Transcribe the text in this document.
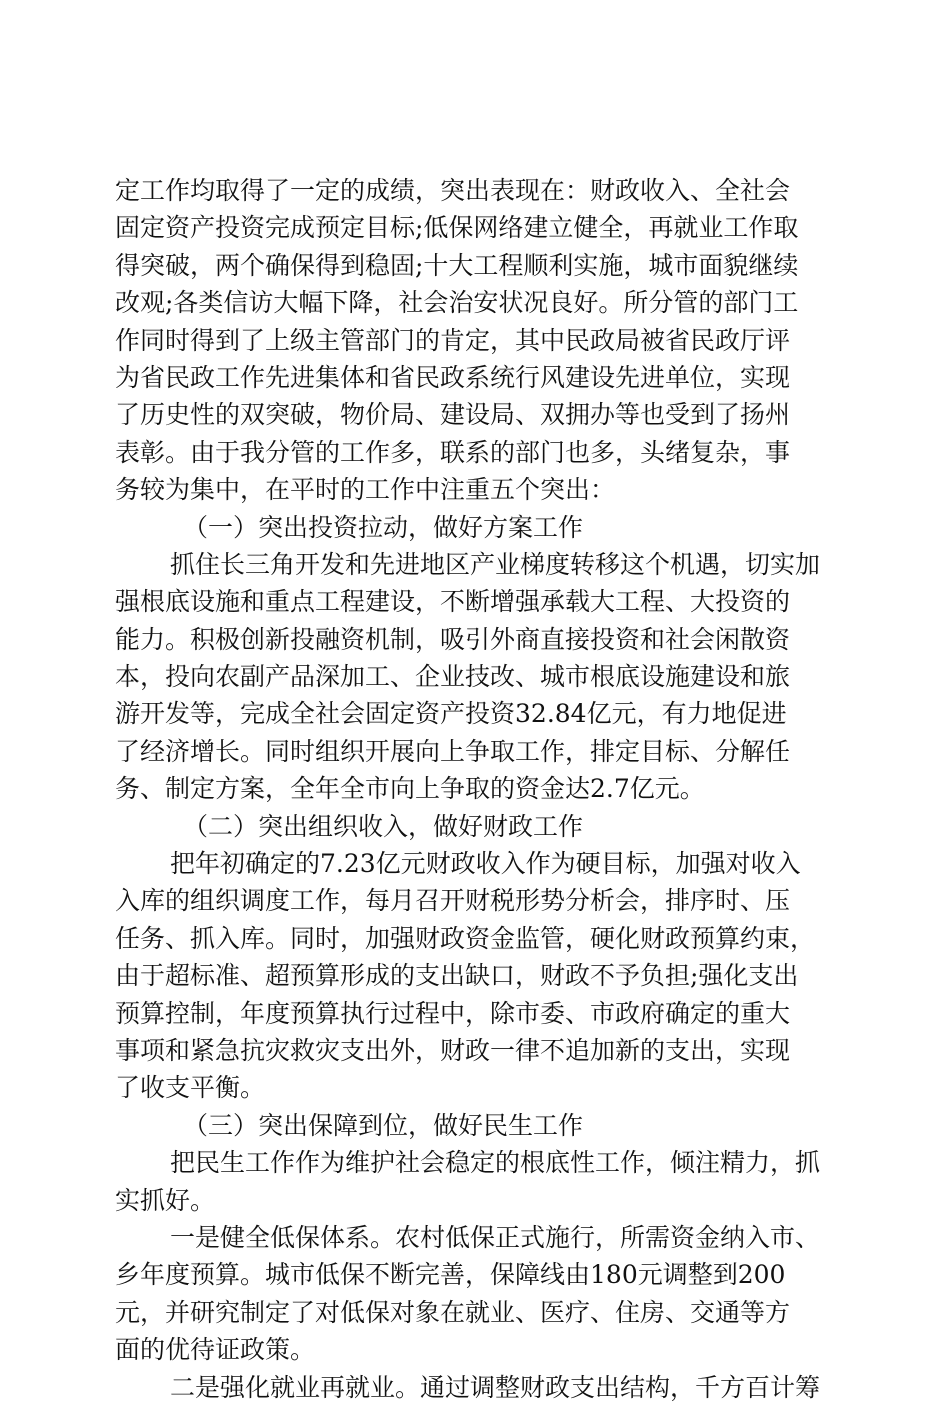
定工作均取得了一定的成绩，突出表现在：财政收入、全社会
固定资产投资完成预定目标;低保网络建立健全，再就业工作取
得突破，两个确保得到稳固;十大工程顺利实施，城市面貌继续
改观;各类信访大幅下降，社会治安状况良好。所分管的部门工
作同时得到了上级主管部门的肯定，其中民政局被省民政厅评
为省民政工作先进集体和省民政系统行风建设先进单位，实现
了历史性的双突破，物价局、建设局、双拥办等也受到了扬州
表彰。由于我分管的工作多，联系的部门也多，头绪复杂，事
务较为集中，在平时的工作中注重五个突出：
（一）突出投资拉动，做好方案工作
抓住长三角开发和先进地区产业梯度转移这个机遇，切实加
强根底设施和重点工程建设，不断增强承载大工程、大投资的
能力。积极创新投融资机制，吸引外商直接投资和社会闲散资
本，投向农副产品深加工、企业技改、城市根底设施建设和旅
游开发等，完成全社会固定资产投资32.84亿元，有力地促进
了经济增长。同时组织开展向上争取工作，排定目标、分解任
务、制定方案，全年全市向上争取的资金达2.7亿元。
（二）突出组织收入，做好财政工作
把年初确定的7.23亿元财政收入作为硬目标，加强对收入
入库的组织调度工作，每月召开财税形势分析会，排序时、压
任务、抓入库。同时，加强财政资金监管，硬化财政预算约束，
由于超标准、超预算形成的支出缺口，财政不予负担;强化支出
预算控制，年度预算执行过程中，除市委、市政府确定的重大
事项和紧急抗灾救灾支出外，财政一律不追加新的支出，实现
了收支平衡。
（三）突出保障到位，做好民生工作
把民生工作作为维护社会稳定的根底性工作，倾注精力，抓
实抓好。
一是健全低保体系。农村低保正式施行，所需资金纳入市、
乡年度预算。城市低保不断完善，保障线由180元调整到200
元，并研究制定了对低保对象在就业、医疗、住房、交通等方
面的优待证政策。
二是强化就业再就业。通过调整财政支出结构，千方百计筹
